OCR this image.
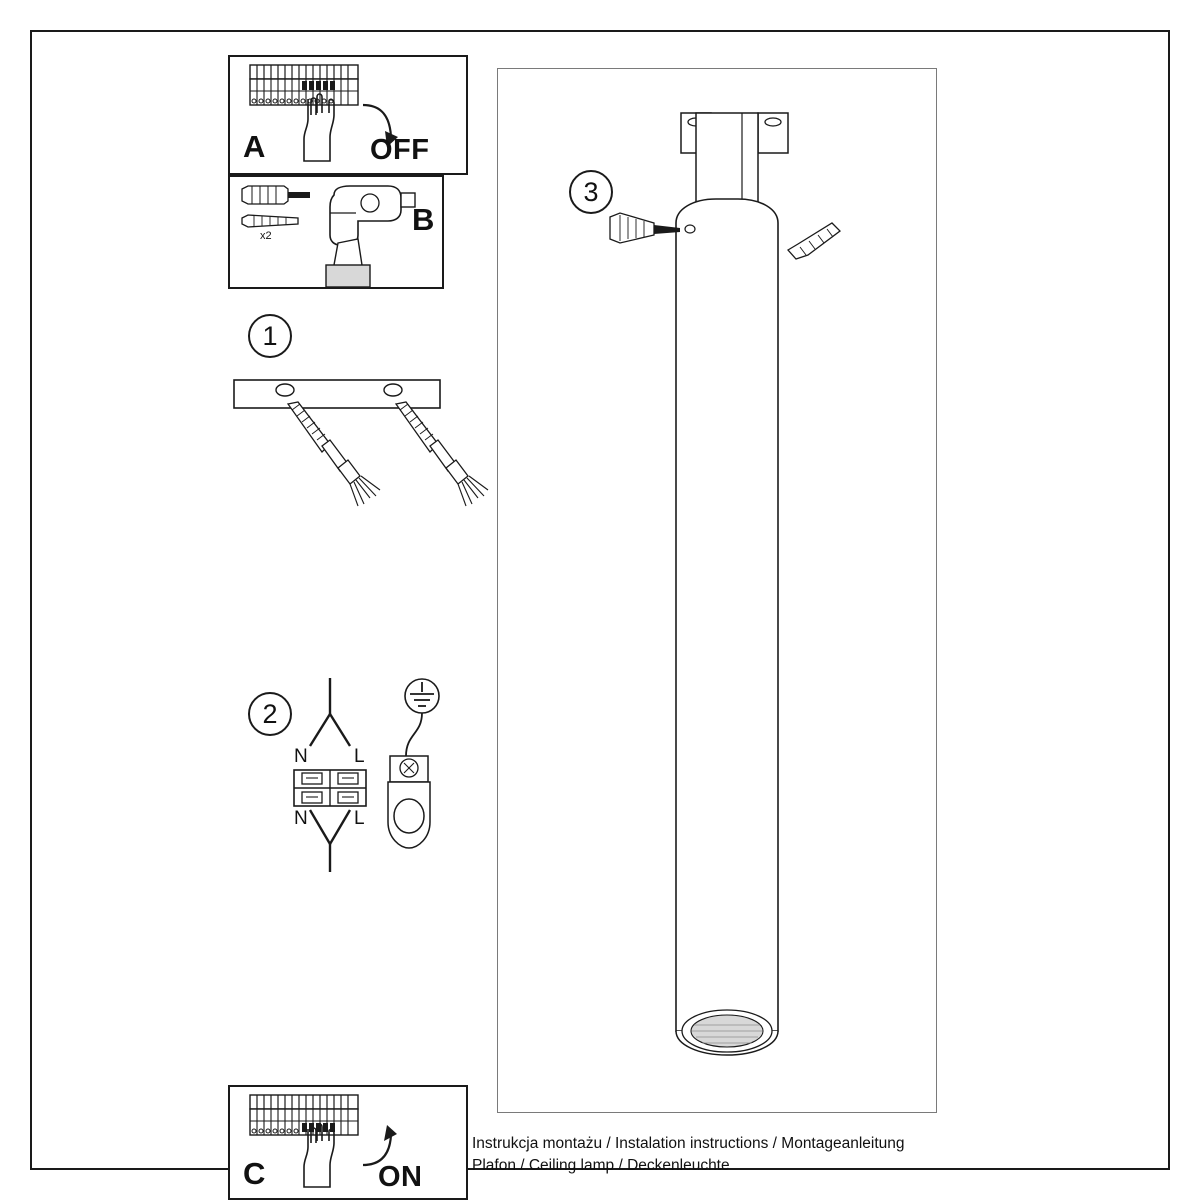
A	OFF
x2	B
1
2
N L
N L
3
C	ON
Instrukcja montażu / Instalation instructions / Montageanleitung
Plafon / Ceiling lamp / Deckenleuchte
